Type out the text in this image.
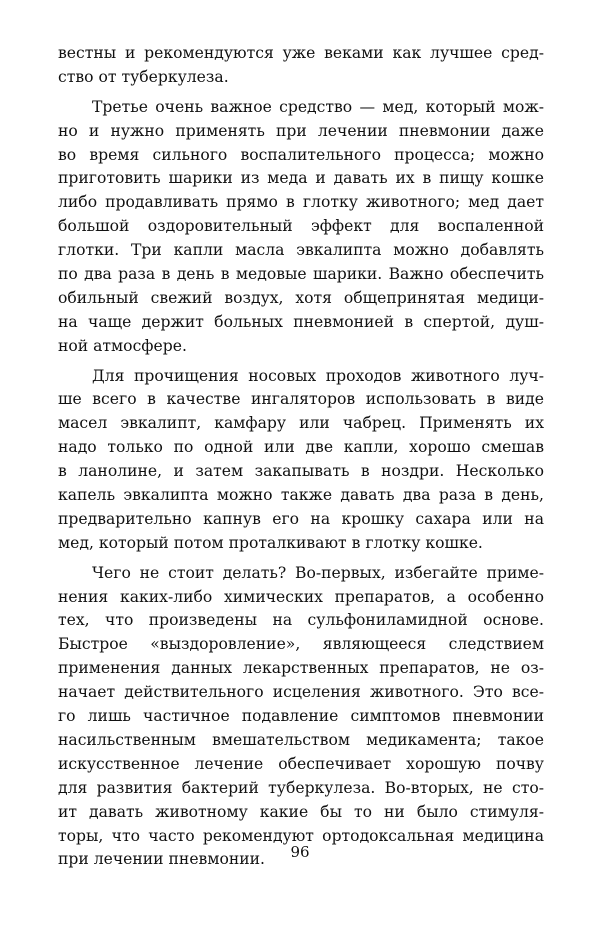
вестны и рекомендуются уже веками как лучшее сред-
ство от туберкулеза.
Третье очень важное средство — мед, который мож-
но и нужно применять при лечении пневмонии даже
во время сильного воспалительного процесса; можно
приготовить шарики из меда и давать их в пищу кошке
либо продавливать прямо в глотку животного; мед дает
большой оздоровительный эффект для воспаленной
глотки. Три капли масла эвкалипта можно добавлять
по два раза в день в медовые шарики. Важно обеспечить
обильный свежий воздух, хотя общепринятая медици-
на чаще держит больных пневмонией в спертой, душ-
ной атмосфере.
Для прочищения носовых проходов животного луч-
ше всего в качестве ингаляторов использовать в виде
масел эвкалипт, камфару или чабрец. Применять их
надо только по одной или две капли, хорошо смешав
в ланолине, и затем закапывать в ноздри. Несколько
капель эвкалипта можно также давать два раза в день,
предварительно капнув его на крошку сахара или на
мед, который потом проталкивают в глотку кошке.
Чего не стоит делать? Во-первых, избегайте приме-
нения каких-либо химических препаратов, а особенно
тех, что произведены на сульфониламидной основе.
Быстрое «выздоровление», являющееся следствием
применения данных лекарственных препаратов, не оз-
начает действительного исцеления животного. Это все-
го лишь частичное подавление симптомов пневмонии
насильственным вмешательством медикамента; такое
искусственное лечение обеспечивает хорошую почву
для развития бактерий туберкулеза. Во-вторых, не сто-
ит давать животному какие бы то ни было стимуля-
торы, что часто рекомендуют ортодоксальная медицина
при лечении пневмонии.	96
